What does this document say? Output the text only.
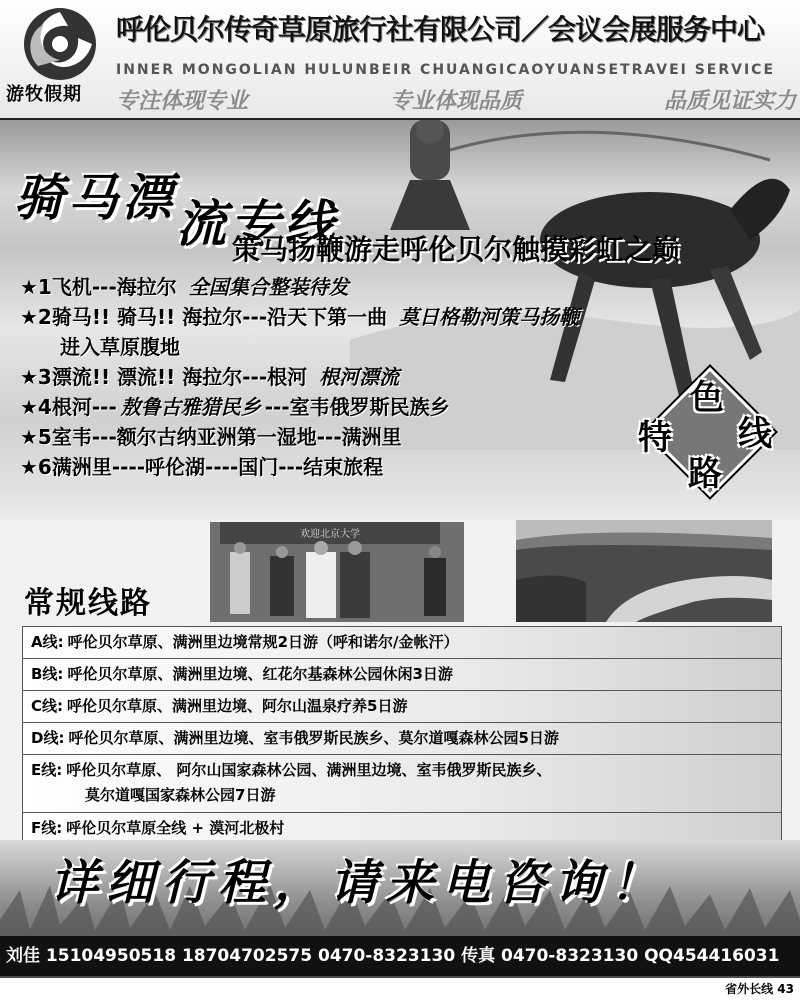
游牧假期
呼伦贝尔传奇草原旅行社有限公司／会议会展服务中心
INNER MONGOLIAN HULUNBEIR CHUANGICAOYUANSETRAVEI SERVICE
专注体现专业	专业体现品质	品质见证实力
骑马漂流专线
策马扬鞭游走呼伦贝尔触摸彩虹之巅
★1飞机---海拉尔 全国集合整装待发
★2骑马!! 骑马!! 海拉尔---沿天下第一曲 莫日格勒河策马扬鞭
进入草原腹地
★3漂流!! 漂流!! 海拉尔---根河 根河漂流
★4根河--- 敖鲁古雅猎民乡 ---室韦俄罗斯民族乡
★5室韦---额尔古纳亚洲第一湿地---满洲里
★6满洲里----呼伦湖----国门---结束旅程
色
特 线
路
欢迎北京大学
常规线路
A线: 呼伦贝尔草原、满洲里边境常规2日游（呼和诺尔/金帐汗）
B线: 呼伦贝尔草原、满洲里边境、红花尔基森林公园休闲3日游
C线: 呼伦贝尔草原、满洲里边境、阿尔山温泉疗养5日游
D线: 呼伦贝尔草原、满洲里边境、室韦俄罗斯民族乡、莫尔道嘎森林公园5日游
E线: 呼伦贝尔草原、 阿尔山国家森林公园、满洲里边境、室韦俄罗斯民族乡、
莫尔道嘎国家森林公园7日游
F线: 呼伦贝尔草原全线 + 漠河北极村
详细行程，请来电咨询！
刘佳 15104950518 18704702575 0470-8323130 传真 0470-8323130 QQ454416031
省外长线 43
